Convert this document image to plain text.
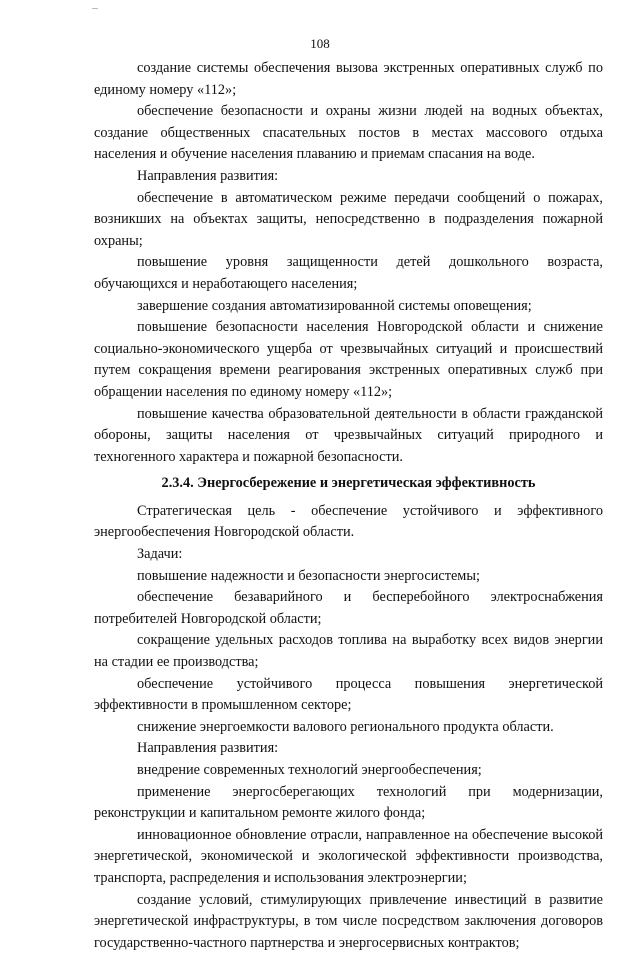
108

создание системы обеспечения вызова экстренных оперативных служб по единому номеру «112»;

обеспечение безопасности и охраны жизни людей на водных объектах, создание общественных спасательных постов в местах массового отдыха населения и обучение населения плаванию и приемам спасания на воде.

Направления развития:

обеспечение в автоматическом режиме передачи сообщений о пожарах, возникших на объектах защиты, непосредственно в подразделения пожарной охраны;

повышение уровня защищенности детей дошкольного возраста, обучающихся и неработающего населения;

завершение создания автоматизированной системы оповещения;

повышение безопасности населения Новгородской области и снижение социально-экономического ущерба от чрезвычайных ситуаций и происшествий путем сокращения времени реагирования экстренных оперативных служб при обращении населения по единому номеру «112»;

повышение качества образовательной деятельности в области гражданской обороны, защиты населения от чрезвычайных ситуаций природного и техногенного характера и пожарной безопасности.

2.3.4. Энергосбережение и энергетическая эффективность

Стратегическая цель - обеспечение устойчивого и эффективного энергообеспечения Новгородской области.

Задачи:

повышение надежности и безопасности энергосистемы;

обеспечение безаварийного и бесперебойного электроснабжения потребителей Новгородской области;

сокращение удельных расходов топлива на выработку всех видов энергии на стадии ее производства;

обеспечение устойчивого процесса повышения энергетической эффективности в промышленном секторе;

снижение энергоемкости валового регионального продукта области.

Направления развития:

внедрение современных технологий энергообеспечения;

применение энергосберегающих технологий при модернизации, реконструкции и капитальном ремонте жилого фонда;

инновационное обновление отрасли, направленное на обеспечение высокой энергетической, экономической и экологической эффективности производства, транспорта, распределения и использования электроэнергии;

создание условий, стимулирующих привлечение инвестиций в развитие энергетической инфраструктуры, в том числе посредством заключения договоров государственно-частного партнерства и энергосервисных контрактов;
